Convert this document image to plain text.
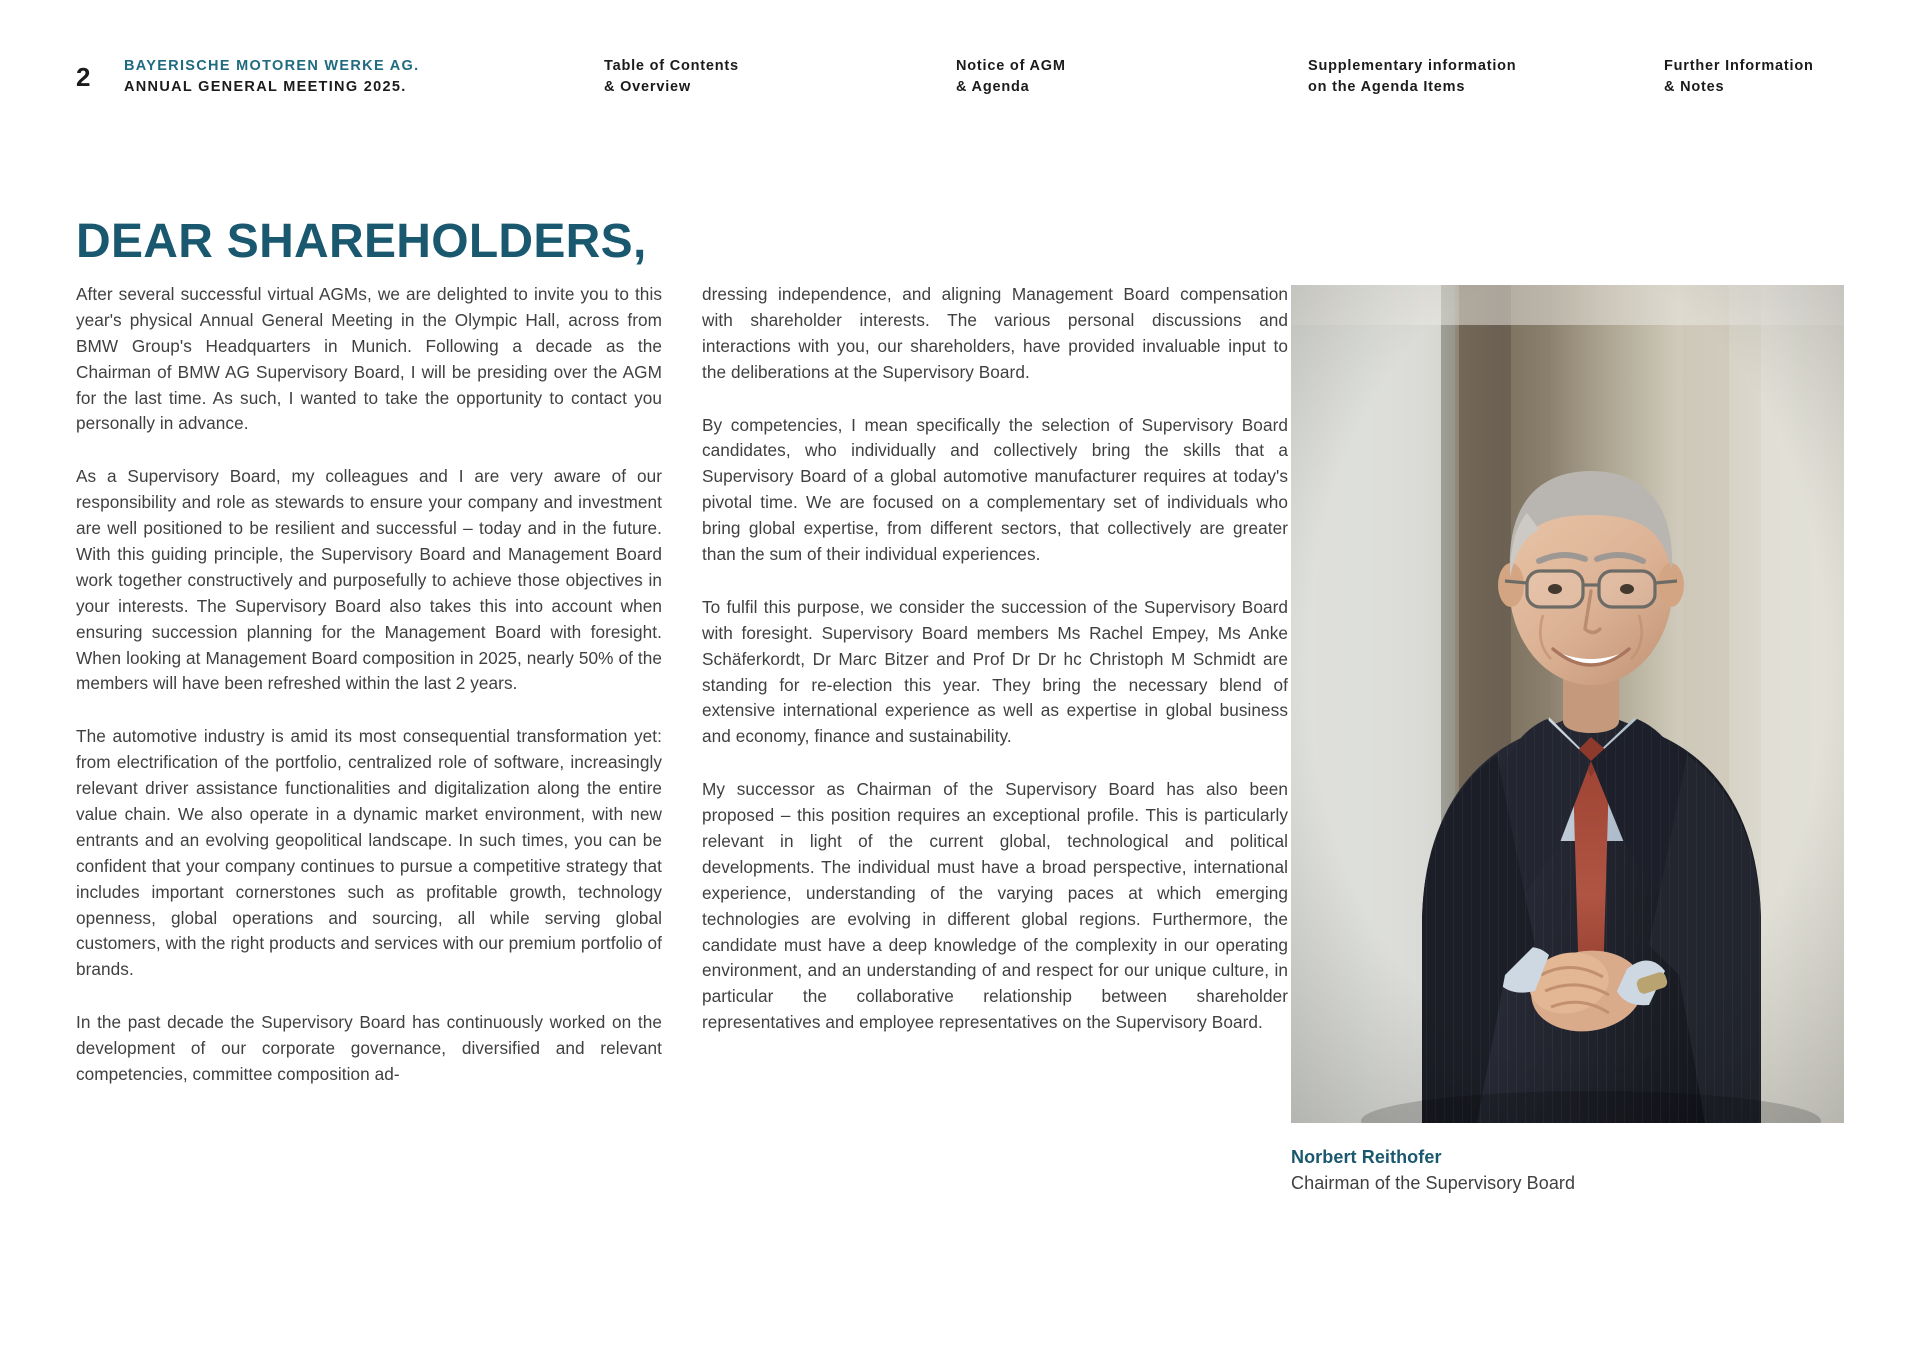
2	BAYERISCHE MOTOREN WERKE AG.
ANNUAL GENERAL MEETING 2025.
Table of Contents
& Overview
Notice of AGM
& Agenda
Supplementary information
on the Agenda Items
Further Information
& Notes
DEAR SHAREHOLDERS,

After several successful virtual AGMs, we are delighted to invite you to this year's physical Annual General Meeting in the Olympic Hall, across from BMW Group's Headquarters in Munich. Following a decade as the Chairman of BMW AG Supervisory Board, I will be presiding over the AGM for the last time. As such, I wanted to take the opportunity to contact you personally in advance.

As a Supervisory Board, my colleagues and I are very aware of our responsibility and role as stewards to ensure your company and investment are well positioned to be resilient and successful – today and in the future. With this guiding principle, the Supervisory Board and Management Board work together constructively and purposefully to achieve those objectives in your interests. The Supervisory Board also takes this into account when ensuring succession planning for the Management Board with foresight. When looking at Management Board composition in 2025, nearly 50% of the members will have been refreshed within the last 2 years.

The automotive industry is amid its most consequential transformation yet: from electrification of the portfolio, centralized role of software, increasingly relevant driver assistance functionalities and digitalization along the entire value chain. We also operate in a dynamic market environment, with new entrants and an evolving geopolitical landscape. In such times, you can be confident that your company continues to pursue a competitive strategy that includes important cornerstones such as profitable growth, technology openness, global operations and sourcing, all while serving global customers, with the right products and services with our premium portfolio of brands.

In the past decade the Supervisory Board has continuously worked on the development of our corporate governance, diversified and relevant competencies, committee composition ad-

dressing independence, and aligning Management Board compensation with shareholder interests. The various personal discussions and interactions with you, our shareholders, have provided invaluable input to the deliberations at the Supervisory Board.

By competencies, I mean specifically the selection of Supervisory Board candidates, who individually and collectively bring the skills that a Supervisory Board of a global automotive manufacturer requires at today's pivotal time. We are focused on a complementary set of individuals who bring global expertise, from different sectors, that collectively are greater than the sum of their individual experiences.

To fulfil this purpose, we consider the succession of the Supervisory Board with foresight. Supervisory Board members Ms Rachel Empey, Ms Anke Schäferkordt, Dr Marc Bitzer and Prof Dr Dr hc Christoph M Schmidt are standing for re-election this year. They bring the necessary blend of extensive international experience as well as expertise in global business and economy, finance and sustainability.

My successor as Chairman of the Supervisory Board has also been proposed – this position requires an exceptional profile. This is particularly relevant in light of the current global, technological and political developments. The individual must have a broad perspective, international experience, understanding of the varying paces at which emerging technologies are evolving in different global regions. Furthermore, the candidate must have a deep knowledge of the complexity in our operating environment, and an understanding of and respect for our unique culture, in particular the collaborative relationship between shareholder representatives and employee representatives on the Supervisory Board.

Norbert Reithofer
Chairman of the Supervisory Board
